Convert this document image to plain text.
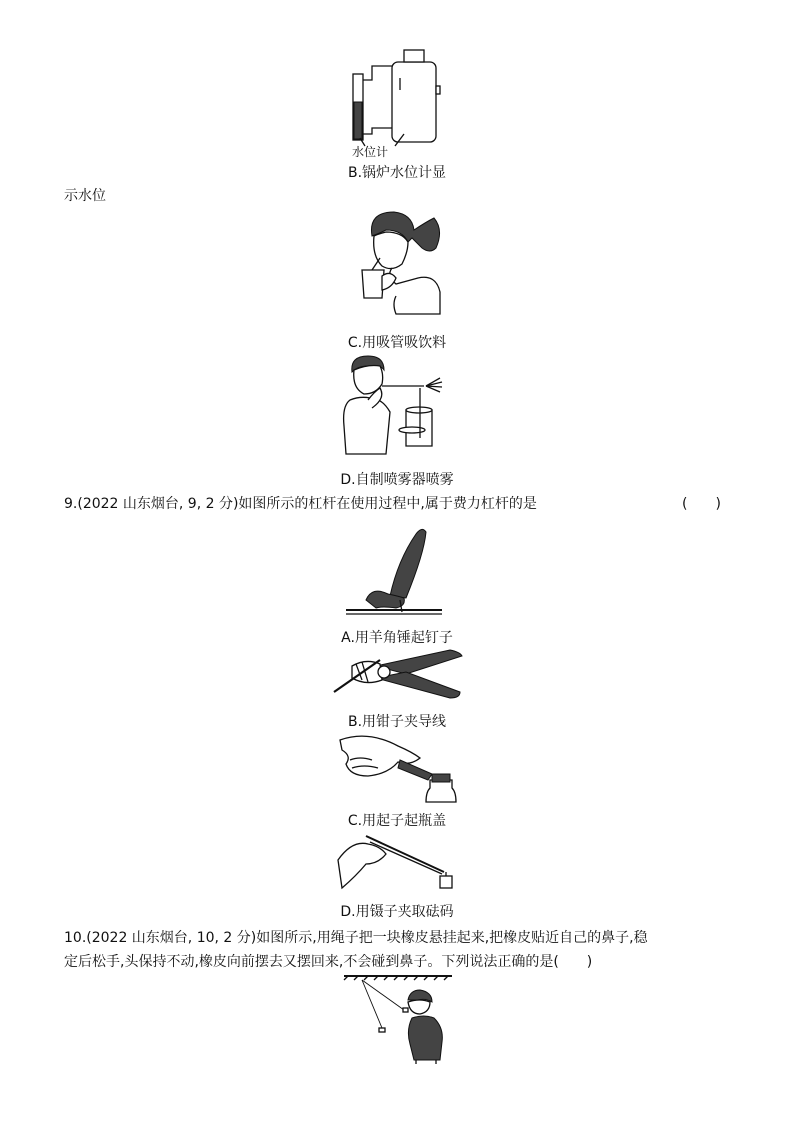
水位计
B.锅炉水位计显
示水位
C.用吸管吸饮料
D.自制喷雾器喷雾
9.(2022 山东烟台, 9, 2 分)如图所示的杠杆在使用过程中,属于费力杠杆的是	(　　)
A.用羊角锤起钉子
B.用钳子夹导线
C.用起子起瓶盖
D.用镊子夹取砝码
10.(2022 山东烟台, 10, 2 分)如图所示,用绳子把一块橡皮悬挂起来,把橡皮贴近自己的鼻子,稳
定后松手,头保持不动,橡皮向前摆去又摆回来,不会碰到鼻子。下列说法正确的是(　　)
